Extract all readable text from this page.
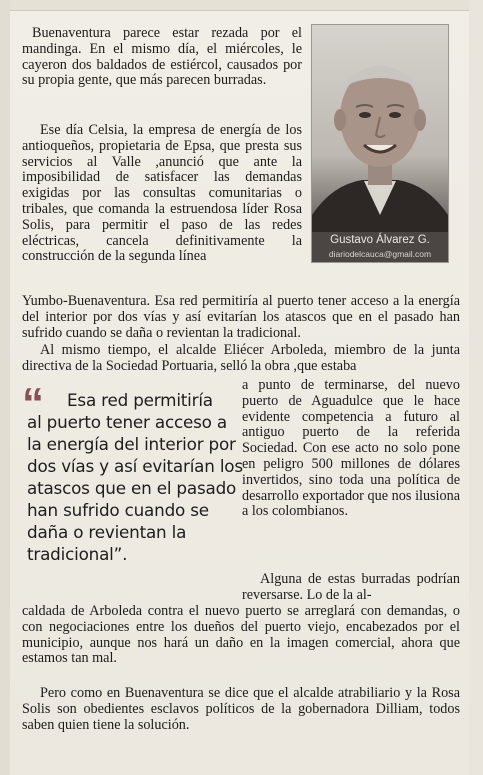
Buenaventura parece estar rezada por el mandinga. En el mismo día, el miércoles, le cayeron dos baldados de estiércol, causados por su propia gente, que más parecen burradas.

Gustavo Álvarez G.
diariodelcauca@gmail.com

Ese día Celsia, la empresa de energía de los antioqueños, propietaria de Epsa, que presta sus servicios al Valle ,anunció que ante la imposibilidad de satisfacer las demandas exigidas por las consultas comunitarias o tribales, que comanda la estruendosa líder Rosa Solis, para permitir el paso de las redes eléctricas, cancela definitivamente la construcción de la segunda línea

Yumbo-Buenaventura. Esa red permitiría al puerto tener acceso a la energía del interior por dos vías y así evitarían los atascos que en el pasado han sufrido cuando se daña o revientan la tradicional.

Al mismo tiempo, el alcalde Eliécer Arboleda, miembro de la junta directiva de la Sociedad Portuaria, selló la obra ,que estaba

“	Esa red permitiría
al puerto tener acceso a la energía del interior por dos vías y así evitarían los atascos que en el pasado han sufrido cuando se daña o revientan la tradicional”.

a punto de terminarse, del nuevo puerto de Aguadulce que le hace evidente competencia a futuro al antiguo puerto de la referida Sociedad. Con ese acto no solo pone en peligro 500 millones de dólares invertidos, sino toda una política de desarrollo exportador que nos ilusiona a los colombianos.

Alguna de estas burradas podrían reversarse. Lo de la al-

caldada de Arboleda contra el nuevo puerto se arreglará con demandas, o con negociaciones entre los dueños del puerto viejo, encabezados por el municipio, aunque nos hará un daño en la imagen comercial, ahora que estamos tan mal.

Pero como en Buenaventura se dice que el alcalde atrabiliario y la Rosa Solis son obedientes esclavos políticos de la gobernadora Dilliam, todos saben quien tiene la solución.
